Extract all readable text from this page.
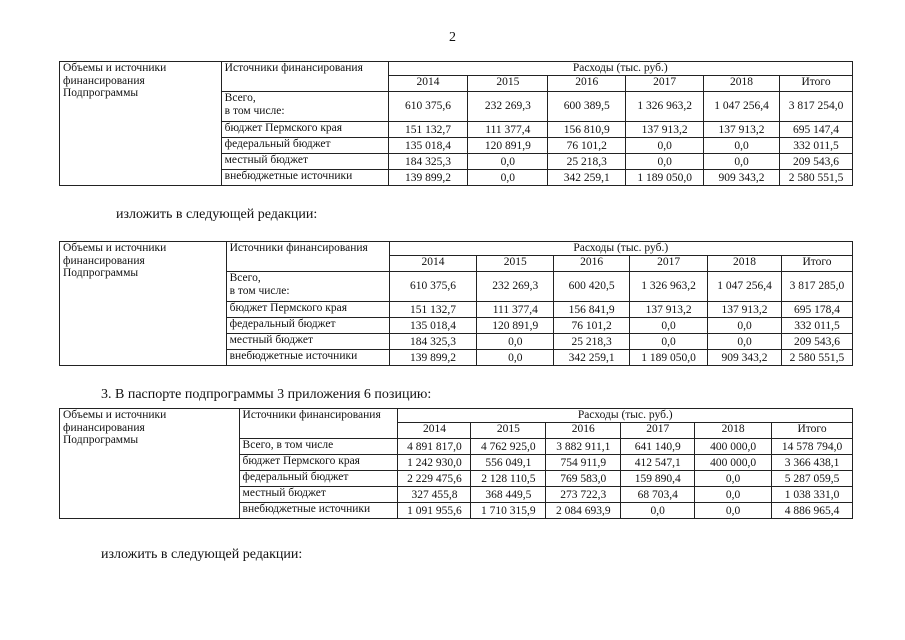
2
Объемы и источники
финансирования
Подпрограммы	Источники финансирования	Расходы (тыс. руб.)					
		2014	2015	2016	2017	2018	Итого

	Всего,
в том числе:	610 375,6	232 269,3	600 389,5	1 326 963,2	1 047 256,4	3 817 254,0
	бюджет Пермского края	151 132,7	111 377,4	156 810,9	137 913,2	137 913,2	695 147,4
	федеральный бюджет	135 018,4	120 891,9	76 101,2	0,0	0,0	332 011,5
	местный бюджет	184 325,3	0,0	25 218,3	0,0	0,0	209 543,6
	внебюджетные источники	139 899,2	0,0	342 259,1	1 189 050,0	909 343,2	2 580 551,5
изложить в следующей редакции:
Объемы и источники
финансирования
Подпрограммы	Источники финансирования	Расходы (тыс. руб.)					
		2014	2015	2016	2017	2018	Итого

	Всего,
в том числе:	610 375,6	232 269,3	600 420,5	1 326 963,2	1 047 256,4	3 817 285,0
	бюджет Пермского края	151 132,7	111 377,4	156 841,9	137 913,2	137 913,2	695 178,4
	федеральный бюджет	135 018,4	120 891,9	76 101,2	0,0	0,0	332 011,5
	местный бюджет	184 325,3	0,0	25 218,3	0,0	0,0	209 543,6
	внебюджетные источники	139 899,2	0,0	342 259,1	1 189 050,0	909 343,2	2 580 551,5
3. В паспорте подпрограммы 3 приложения 6 позицию:
Объемы и источники
финансирования
Подпрограммы	Источники финансирования	Расходы (тыс. руб.)					
		2014	2015	2016	2017	2018	Итого
	Всего, в том числе	4 891 817,0	4 762 925,0	3 882 911,1	641 140,9	400 000,0	14 578 794,0
	бюджет Пермского края	1 242 930,0	556 049,1	754 911,9	412 547,1	400 000,0	3 366 438,1
	федеральный бюджет	2 229 475,6	2 128 110,5	769 583,0	159 890,4	0,0	5 287 059,5
	местный бюджет	327 455,8	368 449,5	273 722,3	68 703,4	0,0	1 038 331,0
	внебюджетные источники	1 091 955,6	1 710 315,9	2 084 693,9	0,0	0,0	4 886 965,4
изложить в следующей редакции:
